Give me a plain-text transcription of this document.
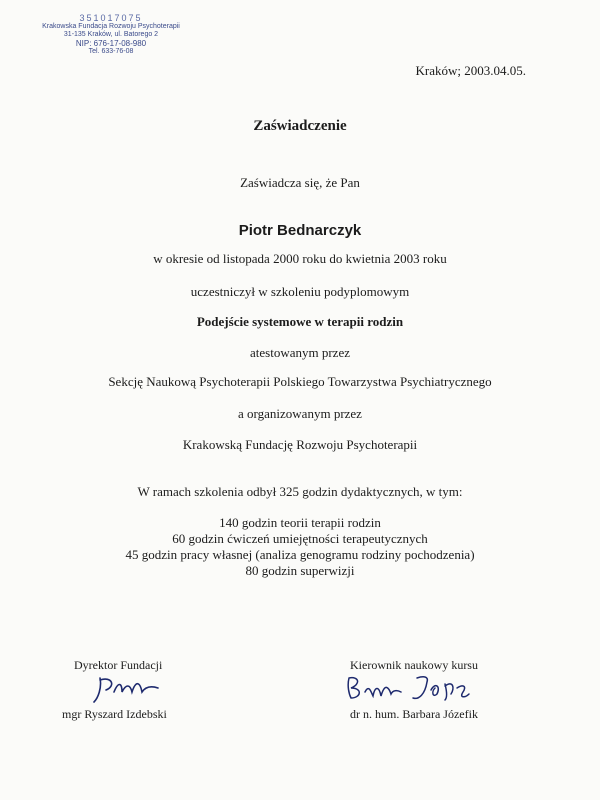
351017075
Krakowska Fundacja Rozwoju Psychoterapii
31-135 Kraków, ul. Batorego 2
NIP: 676-17-08-980
Tel. 633-76-08
Kraków; 2003.04.05.
Zaświadczenie
Zaświadcza się, że Pan
Piotr Bednarczyk
w okresie od listopada 2000 roku do kwietnia 2003 roku
uczestniczył w szkoleniu podyplomowym
Podejście systemowe w terapii rodzin
atestowanym przez
Sekcję Naukową Psychoterapii Polskiego Towarzystwa Psychiatrycznego
a organizowanym przez
Krakowską Fundację Rozwoju Psychoterapii
W ramach szkolenia odbył 325 godzin dydaktycznych, w tym:
140 godzin teorii terapii rodzin
60 godzin ćwiczeń umiejętności terapeutycznych
45 godzin pracy własnej (analiza genogramu rodziny pochodzenia)
80 godzin superwizji
Dyrektor Fundacji
mgr Ryszard Izdebski
Kierownik naukowy kursu
dr n. hum. Barbara Józefik
